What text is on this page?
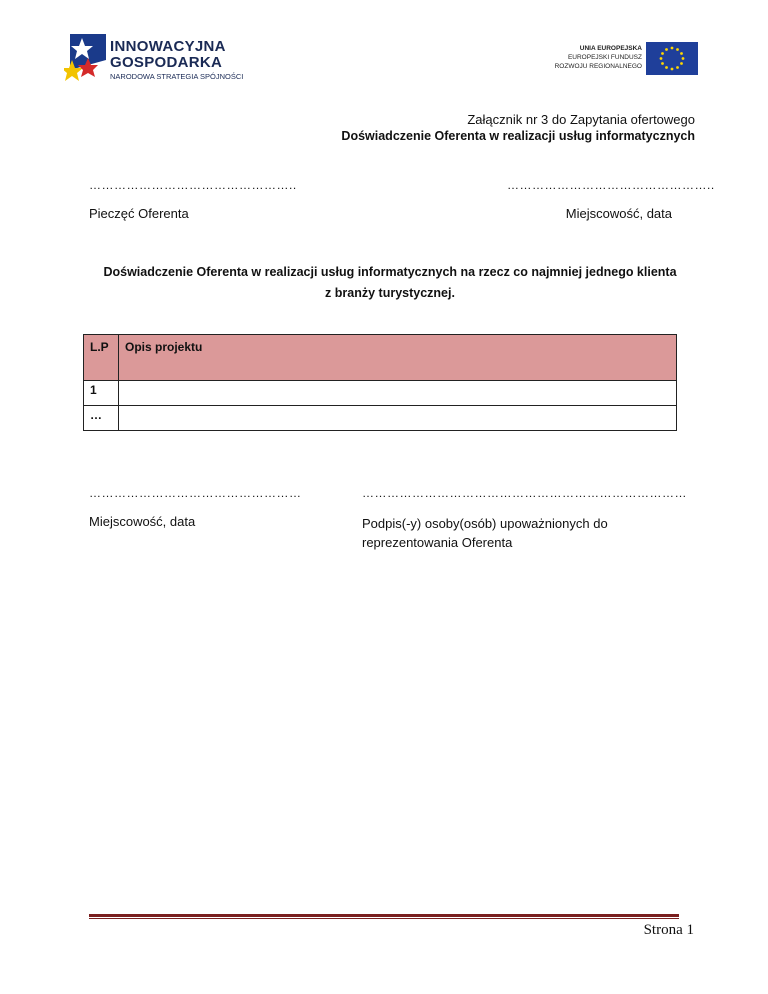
INNOWACYJNA
GOSPODARKA
NARODOWA STRATEGIA SPÓJNOŚCI
UNIA EUROPEJSKA
EUROPEJSKI FUNDUSZ
ROZWOJU REGIONALNEGO
Załącznik nr 3 do Zapytania ofertowego
Doświadczenie Oferenta w realizacji usług informatycznych
…………………………………………..	…………………………………………..
Pieczęć Oferenta	Miejscowość, data
Doświadczenie Oferenta w realizacji usług informatycznych na rzecz co najmniej jednego klienta z branży turystycznej.
L.P	Opis projektu
1	
…	
……………………………………………	……………………………………………………………………
Miejscowość, data	Podpis(-y) osoby(osób) upoważnionych do reprezentowania Oferenta
Strona 1
